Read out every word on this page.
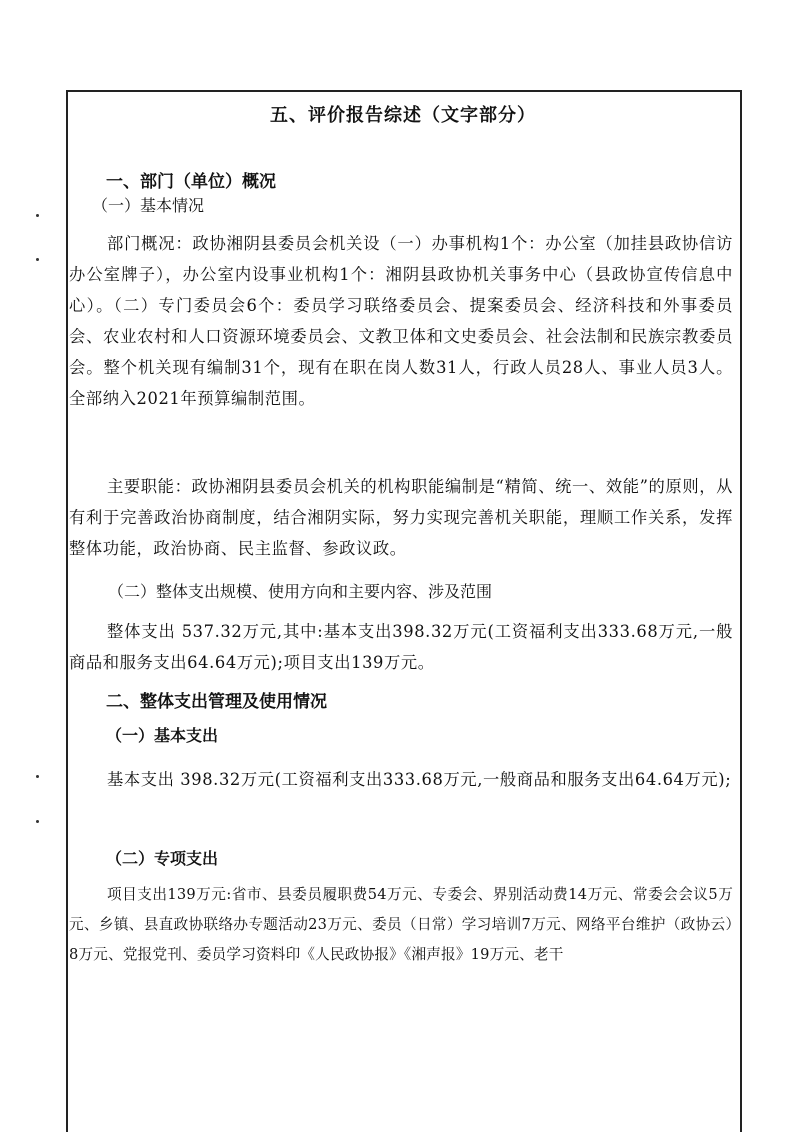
五、评价报告综述（文字部分）
一、部门（单位）概况
（一）基本情况
部门概况：政协湘阴县委员会机关设（一）办事机构1个：办公室（加挂县政协信访办公室牌子），办公室内设事业机构1个：湘阴县政协机关事务中心（县政协宣传信息中心）。（二）专门委员会6个：委员学习联络委员会、提案委员会、经济科技和外事委员会、农业农村和人口资源环境委员会、文教卫体和文史委员会、社会法制和民族宗教委员会。整个机关现有编制31个，现有在职在岗人数31人，行政人员28人、事业人员3人。全部纳入2021年预算编制范围。
主要职能：政协湘阴县委员会机关的机构职能编制是“精简、统一、效能”的原则，从有利于完善政治协商制度，结合湘阴实际，努力实现完善机关职能，理顺工作关系，发挥整体功能，政治协商、民主监督、参政议政。
（二）整体支出规模、使用方向和主要内容、涉及范围
整体支出 537.32万元,其中:基本支出398.32万元(工资福利支出333.68万元,一般商品和服务支出64.64万元);项目支出139万元。
二、整体支出管理及使用情况
（一）基本支出
基本支出 398.32万元(工资福利支出333.68万元,一般商品和服务支出64.64万元);
（二）专项支出
项目支出139万元:省市、县委员履职费54万元、专委会、界别活动费14万元、常委会会议5万元、乡镇、县直政协联络办专题活动23万元、委员（日常）学习培训7万元、网络平台维护（政协云）8万元、党报党刊、委员学习资料印《人民政协报》《湘声报》19万元、老干
